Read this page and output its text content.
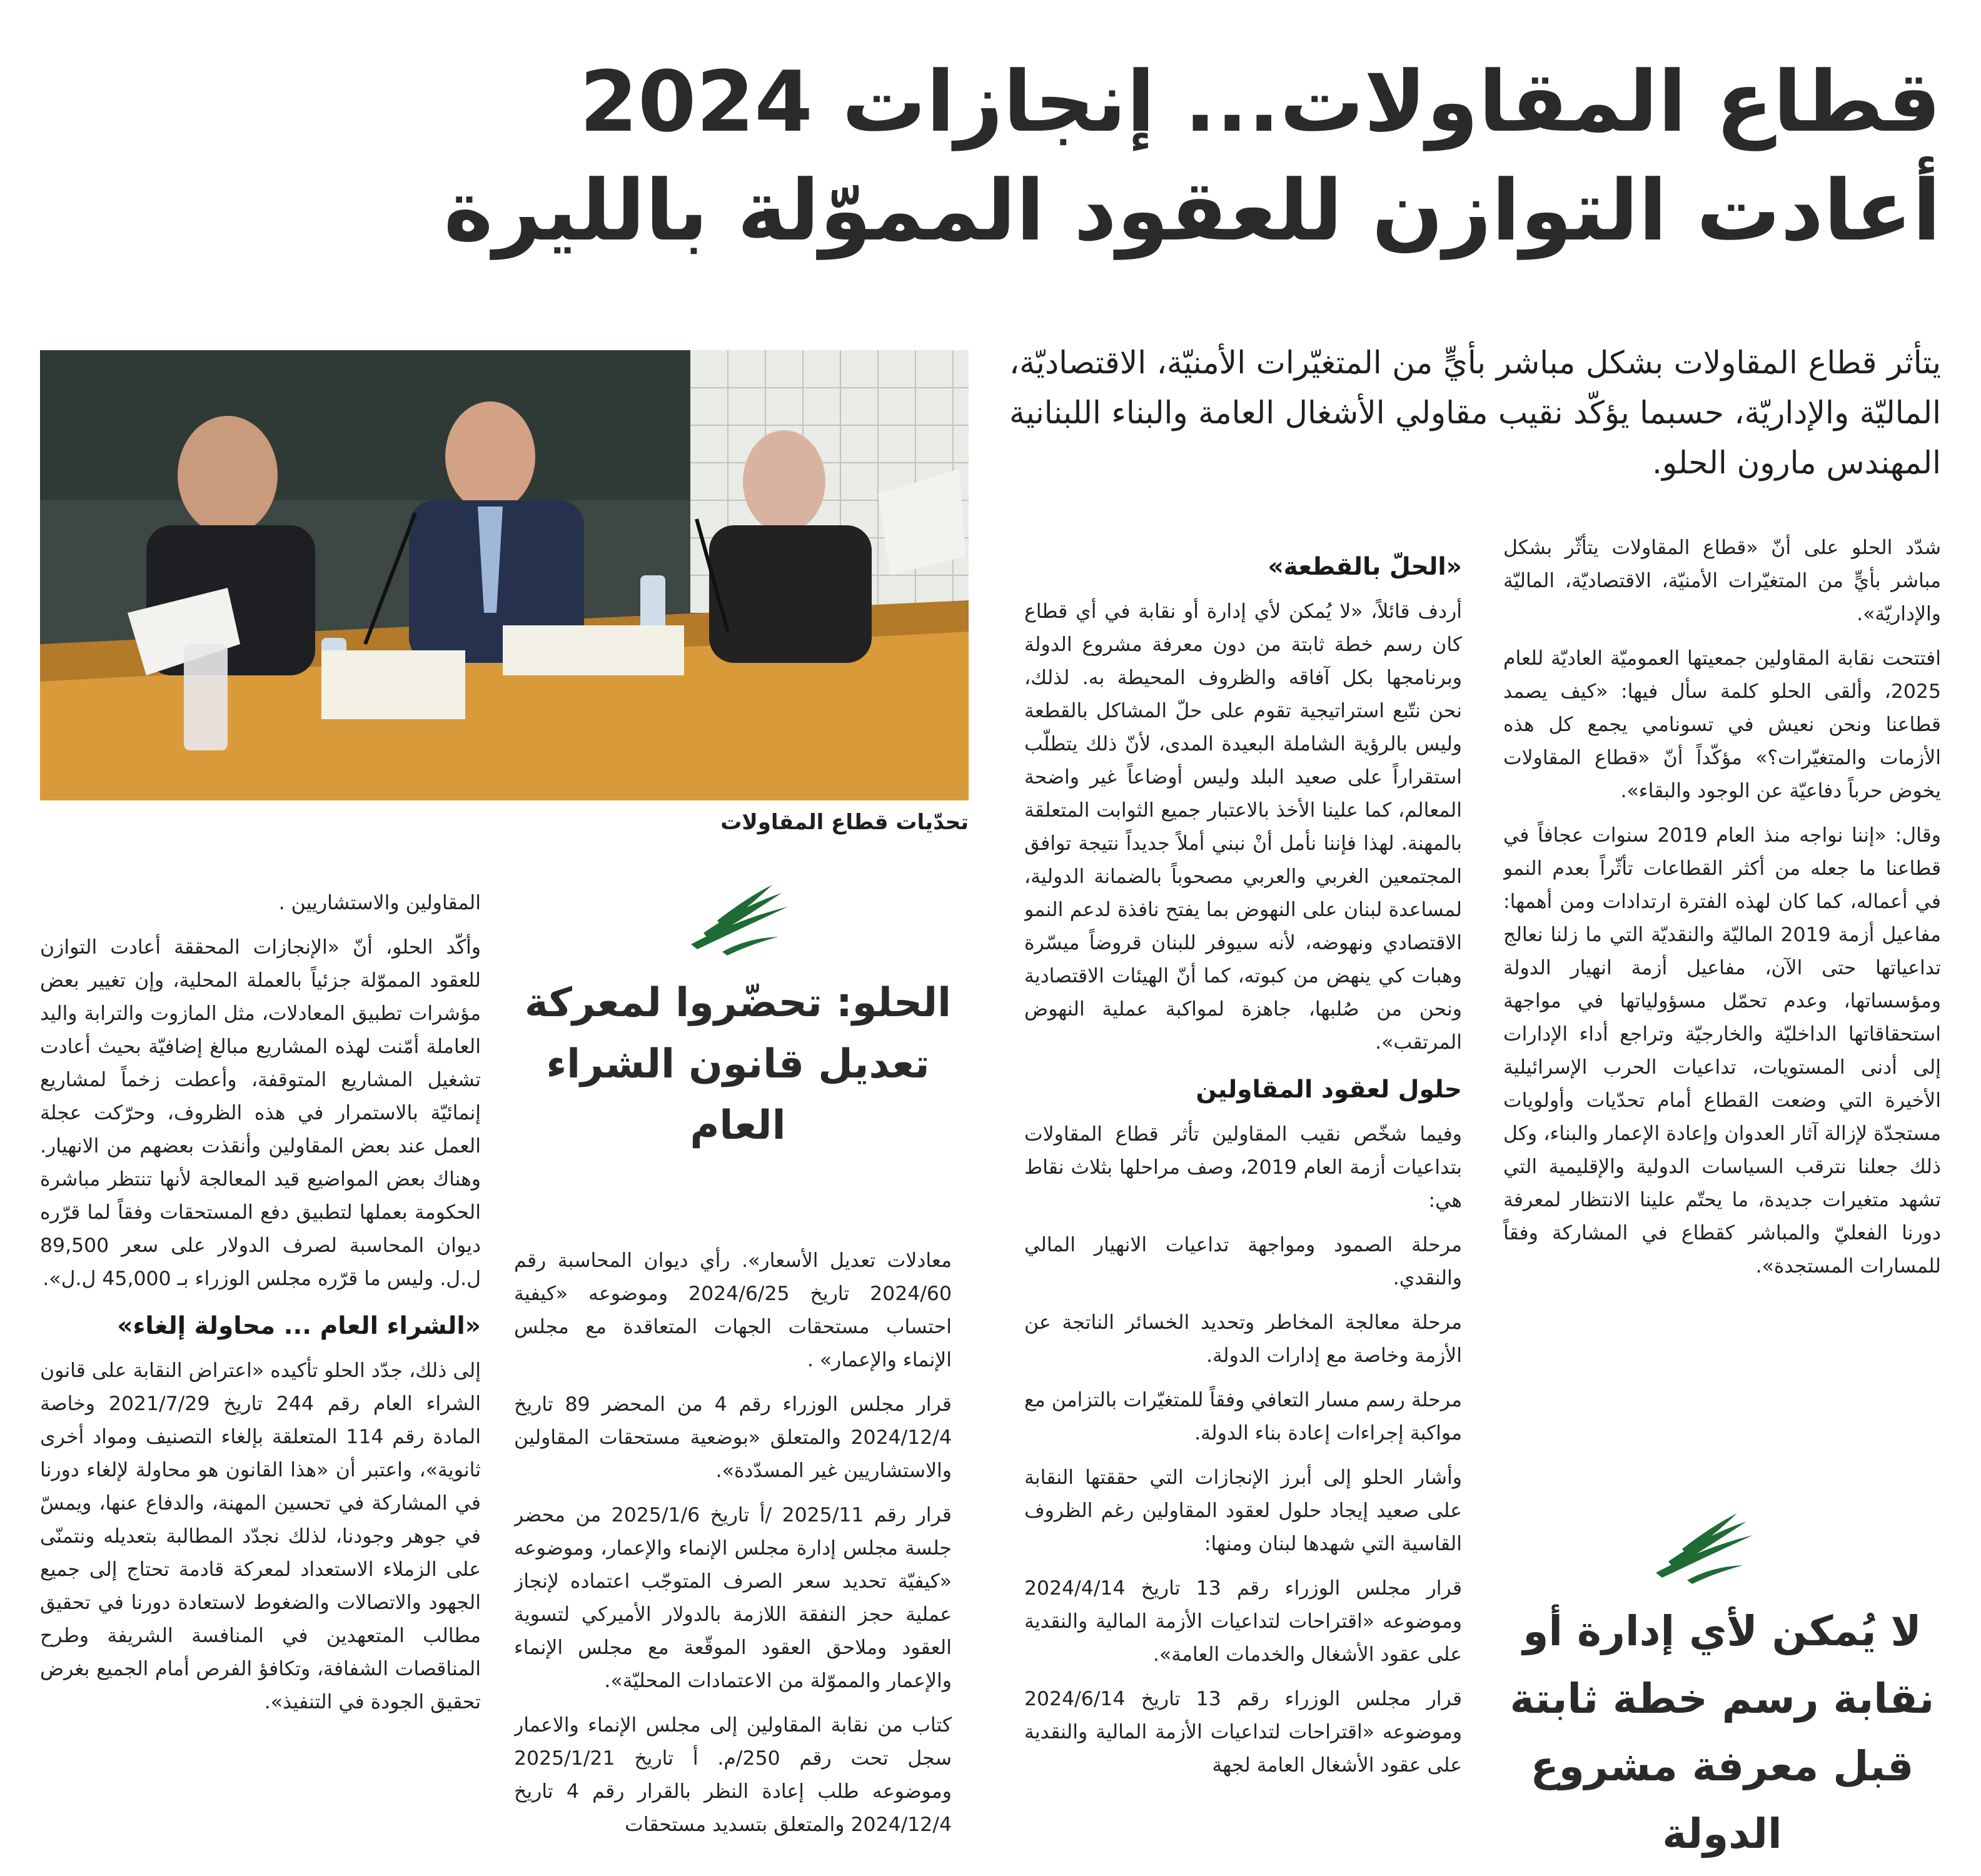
قطاع المقاولات... إنجازات 2024
أعادت التوازن للعقود المموّلة بالليرة
يتأثر قطاع المقاولات بشكل مباشر بأيٍّ من المتغيّرات الأمنيّة، الاقتصاديّة، الماليّة والإداريّة، حسبما يؤكّد نقيب مقاولي الأشغال العامة والبناء اللبنانية المهندس مارون الحلو.
تحدّيات قطاع المقاولات

شدّد الحلو على أنّ «قطاع المقاولات يتأثّر بشكل مباشر بأيٍّ من المتغيّرات الأمنيّة، الاقتصاديّة، الماليّة والإداريّة».

افتتحت نقابة المقاولين جمعيتها العموميّة العاديّة للعام 2025، وألقى الحلو كلمة سأل فيها: «كيف يصمد قطاعنا ونحن نعيش في تسونامي يجمع كل هذه الأزمات والمتغيّرات؟» مؤكّداً أنّ «قطاع المقاولات يخوض حرباً دفاعيّة عن الوجود والبقاء».

وقال: «إننا نواجه منذ العام 2019 سنوات عجافاً في قطاعنا ما جعله من أكثر القطاعات تأثّراً بعدم النمو في أعماله، كما كان لهذه الفترة ارتدادات ومن أهمها: مفاعيل أزمة 2019 الماليّة والنقديّة التي ما زلنا نعالج تداعياتها حتى الآن، مفاعيل أزمة انهيار الدولة ومؤسساتها، وعدم تحمّل مسؤولياتها في مواجهة استحقاقاتها الداخليّة والخارجيّة وتراجع أداء الإدارات إلى أدنى المستويات، تداعيات الحرب الإسرائيلية الأخيرة التي وضعت القطاع أمام تحدّيات وأولويات مستجدّة لإزالة آثار العدوان وإعادة الإعمار والبناء، وكل ذلك جعلنا نترقب السياسات الدولية والإقليمية التي تشهد متغيرات جديدة، ما يحتّم علينا الانتظار لمعرفة دورنا الفعليّ والمباشر كقطاع في المشاركة وفقاً للمسارات المستجدة».

«الحلّ بالقطعة»

أردف قائلاً، «لا يُمكن لأي إدارة أو نقابة في أي قطاع كان رسم خطة ثابتة من دون معرفة مشروع الدولة وبرنامجها بكل آفاقه والظروف المحيطة به. لذلك، نحن نتّبع استراتيجية تقوم على حلّ المشاكل بالقطعة وليس بالرؤية الشاملة البعيدة المدى، لأنّ ذلك يتطلّب استقراراً على صعيد البلد وليس أوضاعاً غير واضحة المعالم، كما علينا الأخذ بالاعتبار جميع الثوابت المتعلقة بالمهنة. لهذا فإننا نأمل أنْ نبني أملاً جديداً نتيجة توافق المجتمعين الغربي والعربي مصحوباً بالضمانة الدولية، لمساعدة لبنان على النهوض بما يفتح نافذة لدعم النمو الاقتصادي ونهوضه، لأنه سيوفر للبنان قروضاً ميسّرة وهبات كي ينهض من كبوته، كما أنّ الهيئات الاقتصادية ونحن من صُلبها، جاهزة لمواكبة عملية النهوض المرتقب».

حلول لعقود المقاولين

وفيما شخّص نقيب المقاولين تأثر قطاع المقاولات بتداعيات أزمة العام 2019، وصف مراحلها بثلاث نقاط هي:

مرحلة الصمود ومواجهة تداعيات الانهيار المالي والنقدي.

مرحلة معالجة المخاطر وتحديد الخسائر الناتجة عن الأزمة وخاصة مع إدارات الدولة.

مرحلة رسم مسار التعافي وفقاً للمتغيّرات بالتزامن مع مواكبة إجراءات إعادة بناء الدولة.

وأشار الحلو إلى أبرز الإنجازات التي حققتها النقابة على صعيد إيجاد حلول لعقود المقاولين رغم الظروف القاسية التي شهدها لبنان ومنها:

قرار مجلس الوزراء رقم 13 تاريخ 2024/4/14 وموضوعه «اقتراحات لتداعيات الأزمة المالية والنقدية على عقود الأشغال والخدمات العامة».

قرار مجلس الوزراء رقم 13 تاريخ 2024/6/14 وموضوعه «اقتراحات لتداعيات الأزمة المالية والنقدية على عقود الأشغال العامة لجهة

معادلات تعديل الأسعار». رأي ديوان المحاسبة رقم 2024/60 تاريخ 2024/6/25 وموضوعه «كيفية احتساب مستحقات الجهات المتعاقدة مع مجلس الإنماء والإعمار» .

قرار مجلس الوزراء رقم 4 من المحضر 89 تاريخ 2024/12/4 والمتعلق «بوضعية مستحقات المقاولين والاستشاريين غير المسدّدة».

قرار رقم 2025/11 /أ تاريخ 2025/1/6 من محضر جلسة مجلس إدارة مجلس الإنماء والإعمار، وموضوعه «كيفيّة تحديد سعر الصرف المتوجّب اعتماده لإنجاز عملية حجز النفقة اللازمة بالدولار الأميركي لتسوية العقود وملاحق العقود الموقّعة مع مجلس الإنماء والإعمار والمموّلة من الاعتمادات المحليّة».

كتاب من نقابة المقاولين إلى مجلس الإنماء والاعمار سجل تحت رقم 250/م. أ تاريخ 2025/1/21 وموضوعه طلب إعادة النظر بالقرار رقم 4 تاريخ 2024/12/4 والمتعلق بتسديد مستحقات

المقاولين والاستشاريين .

وأكّد الحلو، أنّ «الإنجازات المحققة أعادت التوازن للعقود المموّلة جزئياً بالعملة المحلية، وإن تغيير بعض مؤشرات تطبيق المعادلات، مثل المازوت والترابة واليد العاملة أمّنت لهذه المشاريع مبالغ إضافيّة بحيث أعادت تشغيل المشاريع المتوقفة، وأعطت زخماً لمشاريع إنمائيّة بالاستمرار في هذه الظروف، وحرّكت عجلة العمل عند بعض المقاولين وأنقذت بعضهم من الانهيار. وهناك بعض المواضيع قيد المعالجة لأنها تنتظر مباشرة الحكومة بعملها لتطبيق دفع المستحقات وفقاً لما قرّره ديوان المحاسبة لصرف الدولار على سعر 89,500 ل.ل. وليس ما قرّره مجلس الوزراء بـ 45,000 ل.ل».

«الشراء العام ... محاولة إلغاء»

إلى ذلك، جدّد الحلو تأكيده «اعتراض النقابة على قانون الشراء العام رقم 244 تاريخ 2021/7/29 وخاصة المادة رقم 114 المتعلقة بإلغاء التصنيف ومواد أخرى ثانوية»، واعتبر أن «هذا القانون هو محاولة لإلغاء دورنا في المشاركة في تحسين المهنة، والدفاع عنها، ويمسّ في جوهر وجودنا، لذلك نجدّد المطالبة بتعديله ونتمنّى على الزملاء الاستعداد لمعركة قادمة تحتاج إلى جميع الجهود والاتصالات والضغوط لاستعادة دورنا في تحقيق مطالب المتعهدين في المنافسة الشريفة وطرح المناقصات الشفافة، وتكافؤ الفرص أمام الجميع بغرض تحقيق الجودة في التنفيذ».

الحلو: تحضّروا لمعركة تعديل قانون الشراء العام
لا يُمكن لأي إدارة أو نقابة رسم خطة ثابتة قبل معرفة مشروع الدولة
